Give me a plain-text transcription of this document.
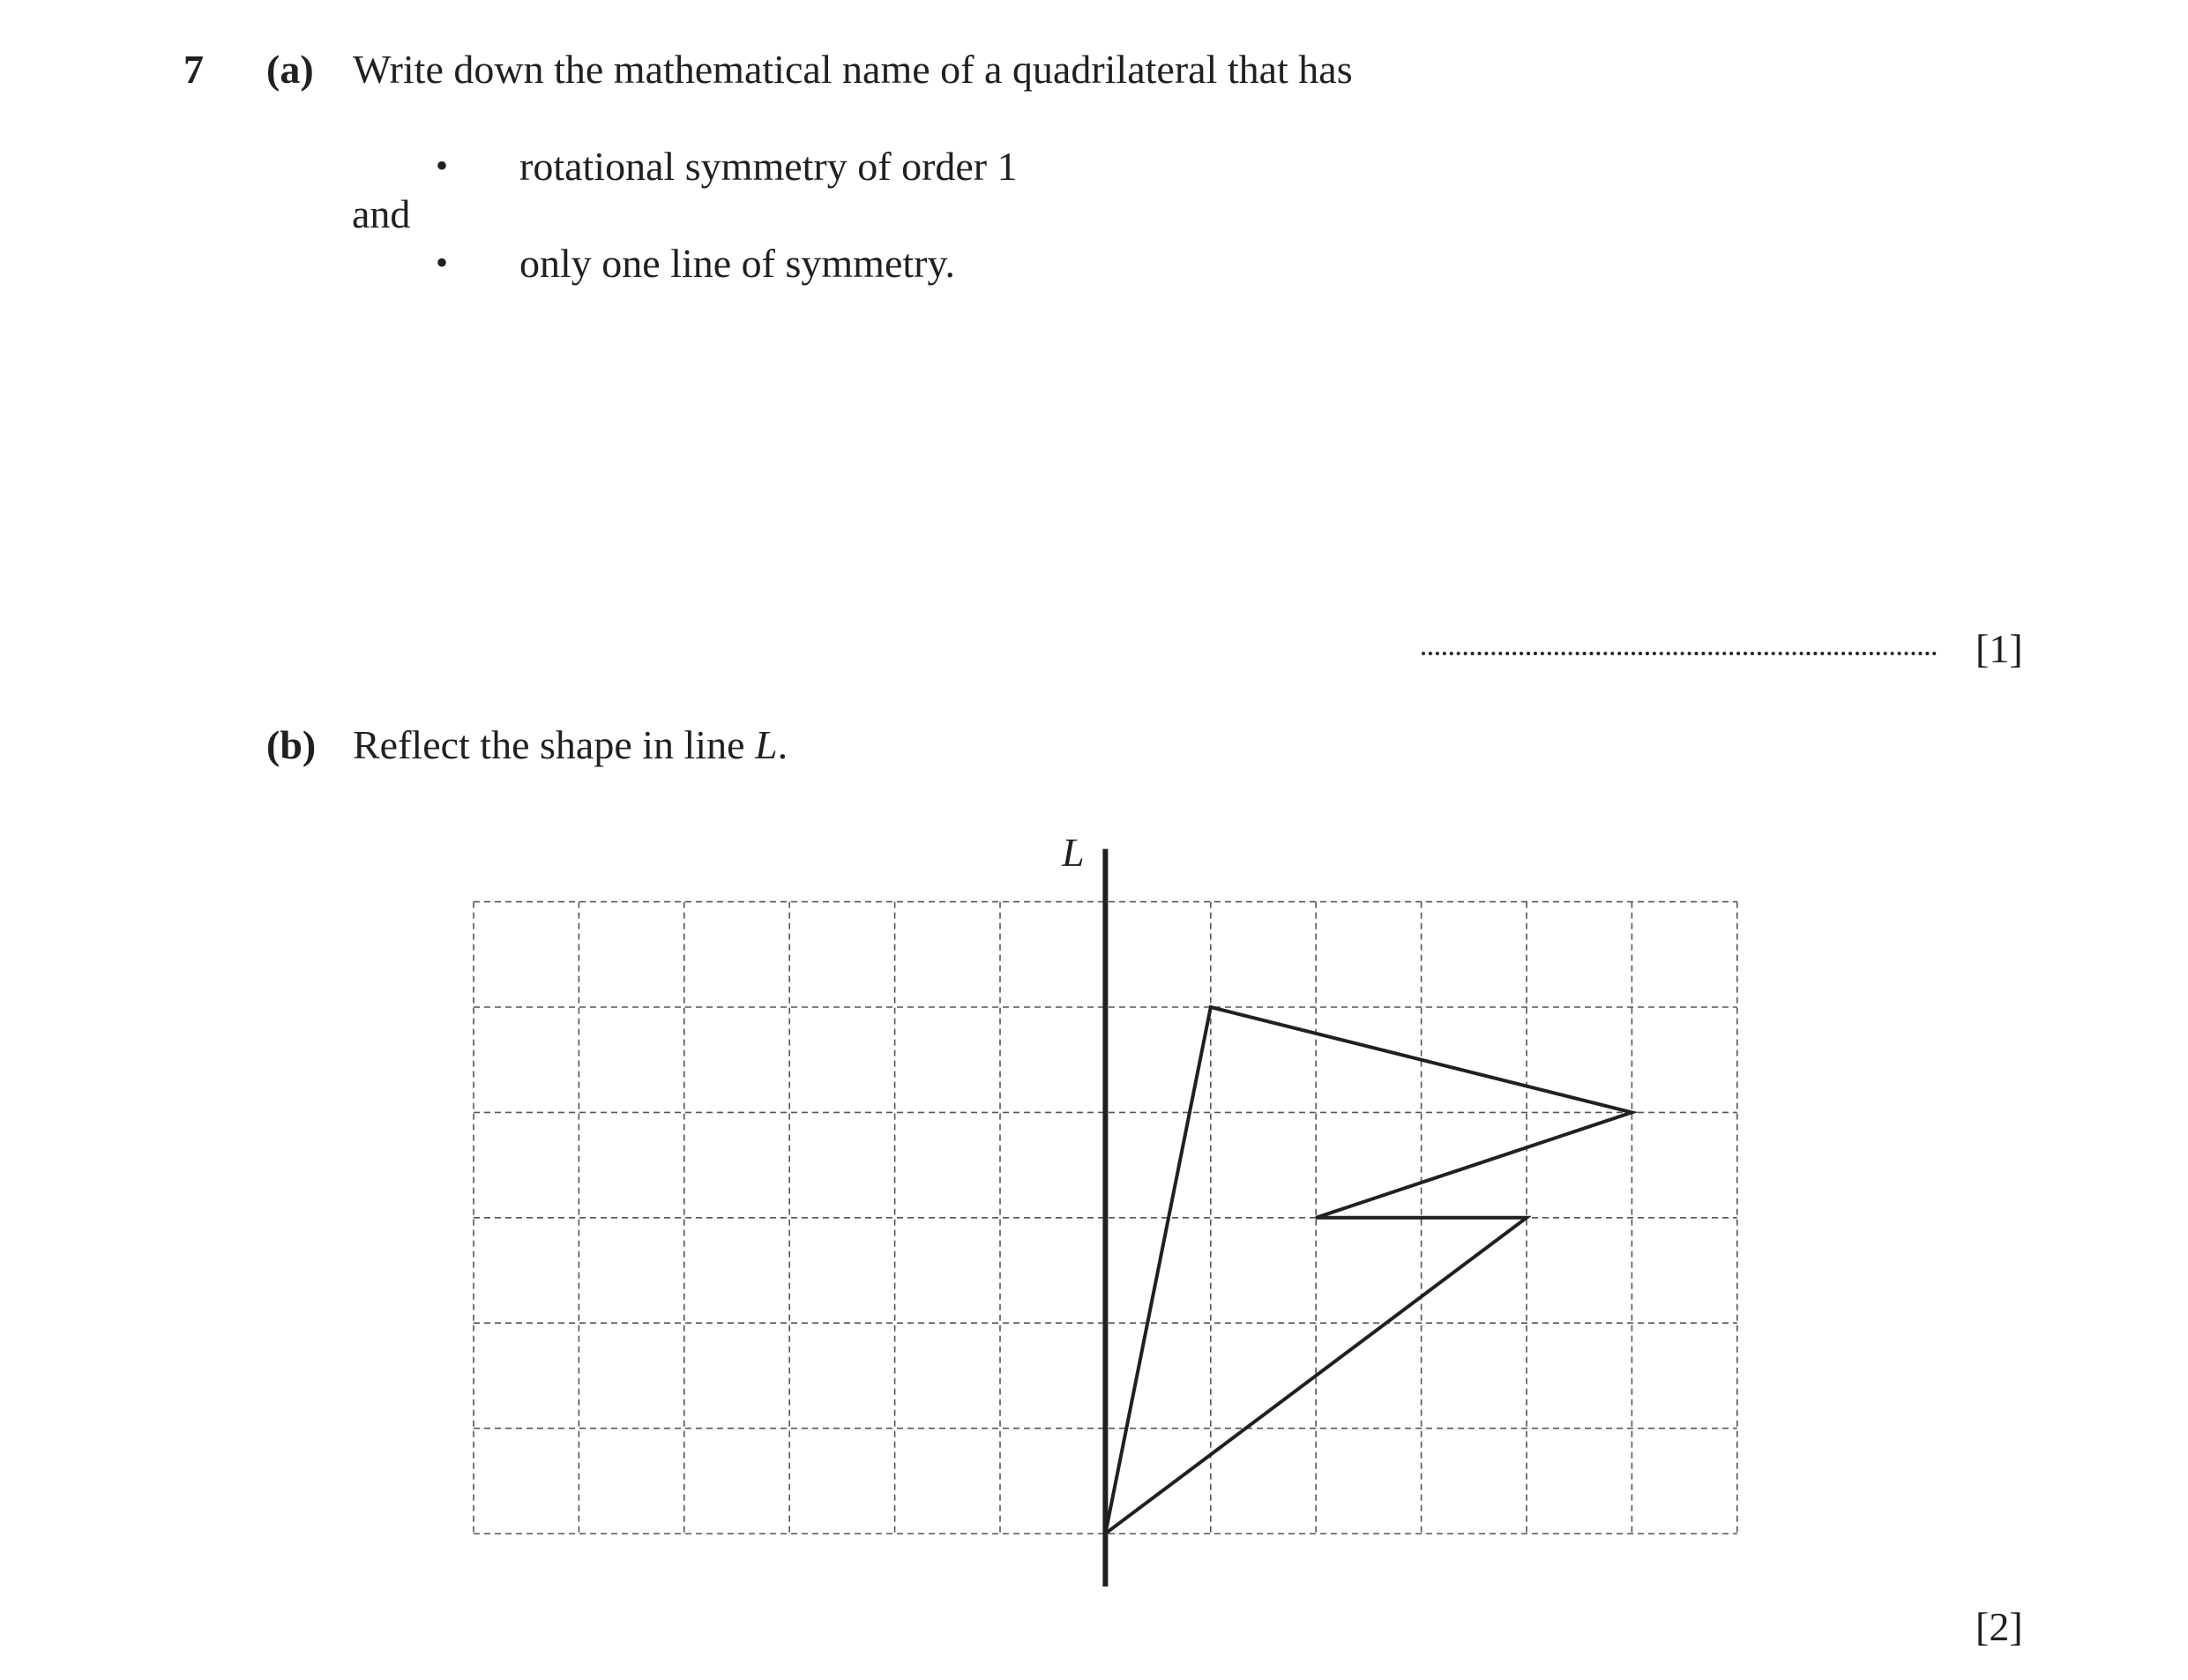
7 (a) Write down the mathematical name of a quadrilateral that has
• rotational symmetry of order 1
and
• only one line of symmetry.
[1]
(b) Reflect the shape in line L.
L
[2]
